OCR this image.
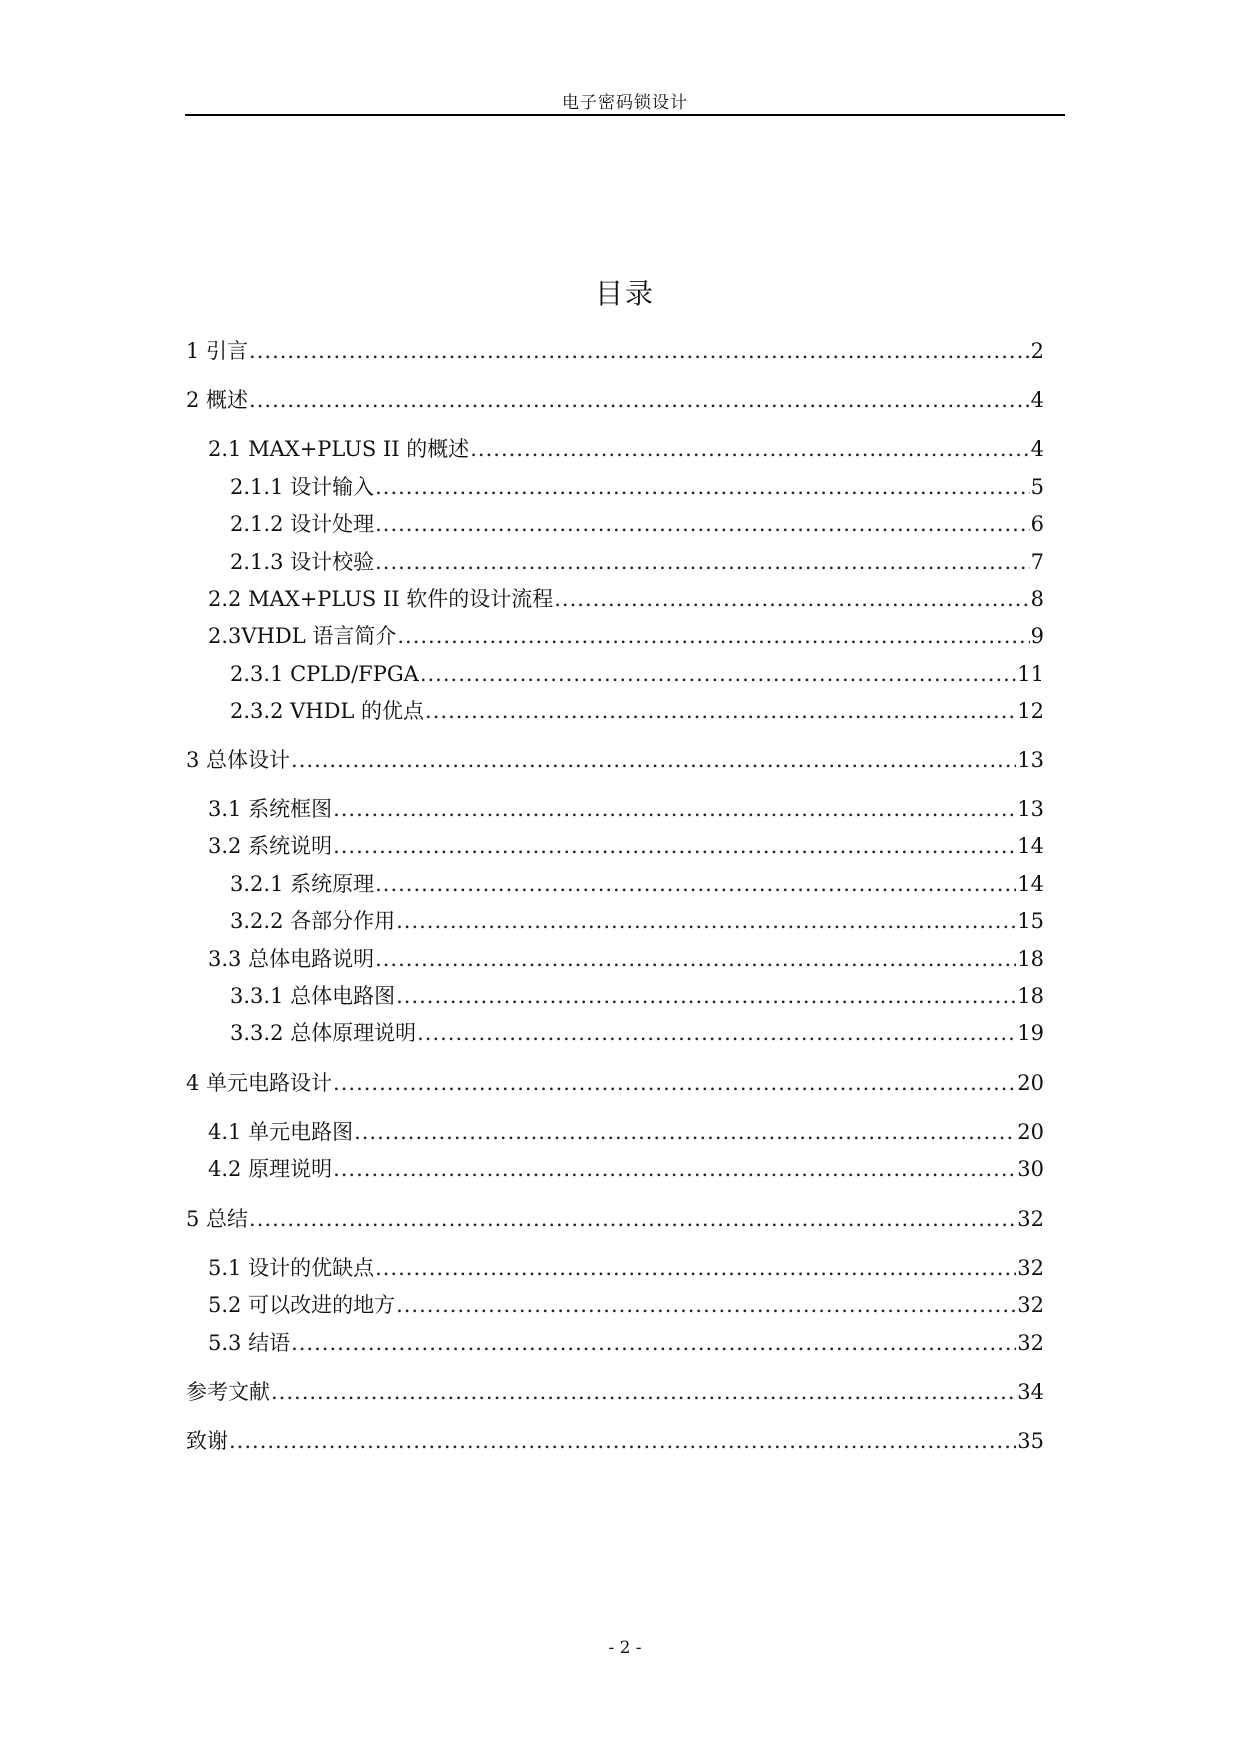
电子密码锁设计
目录
1 引言 .....	2
2 概述 .....	4
2.1 MAX+PLUS II 的概述 .....	4
2.1.1 设计输入 .....	5
2.1.2 设计处理 .....	6
2.1.3 设计校验 .....	7
2.2 MAX+PLUS II 软件的设计流程 .....	8
2.3VHDL 语言简介 .....	9
2.3.1 CPLD/FPGA .....	11
2.3.2 VHDL 的优点 .....	12
3 总体设计 .....	13
3.1 系统框图 .....	13
3.2 系统说明 .....	14
3.2.1 系统原理 .....	14
3.2.2 各部分作用 .....	15
3.3 总体电路说明 .....	18
3.3.1 总体电路图 .....	18
3.3.2 总体原理说明 .....	19
4 单元电路设计 .....	20
4.1 单元电路图 .....	20
4.2 原理说明 .....	30
5 总结 .....	32
5.1 设计的优缺点 .....	32
5.2 可以改进的地方 .....	32
5.3 结语 .....	32
参考文献 .....	34
致谢 .....	35
- 2 -
